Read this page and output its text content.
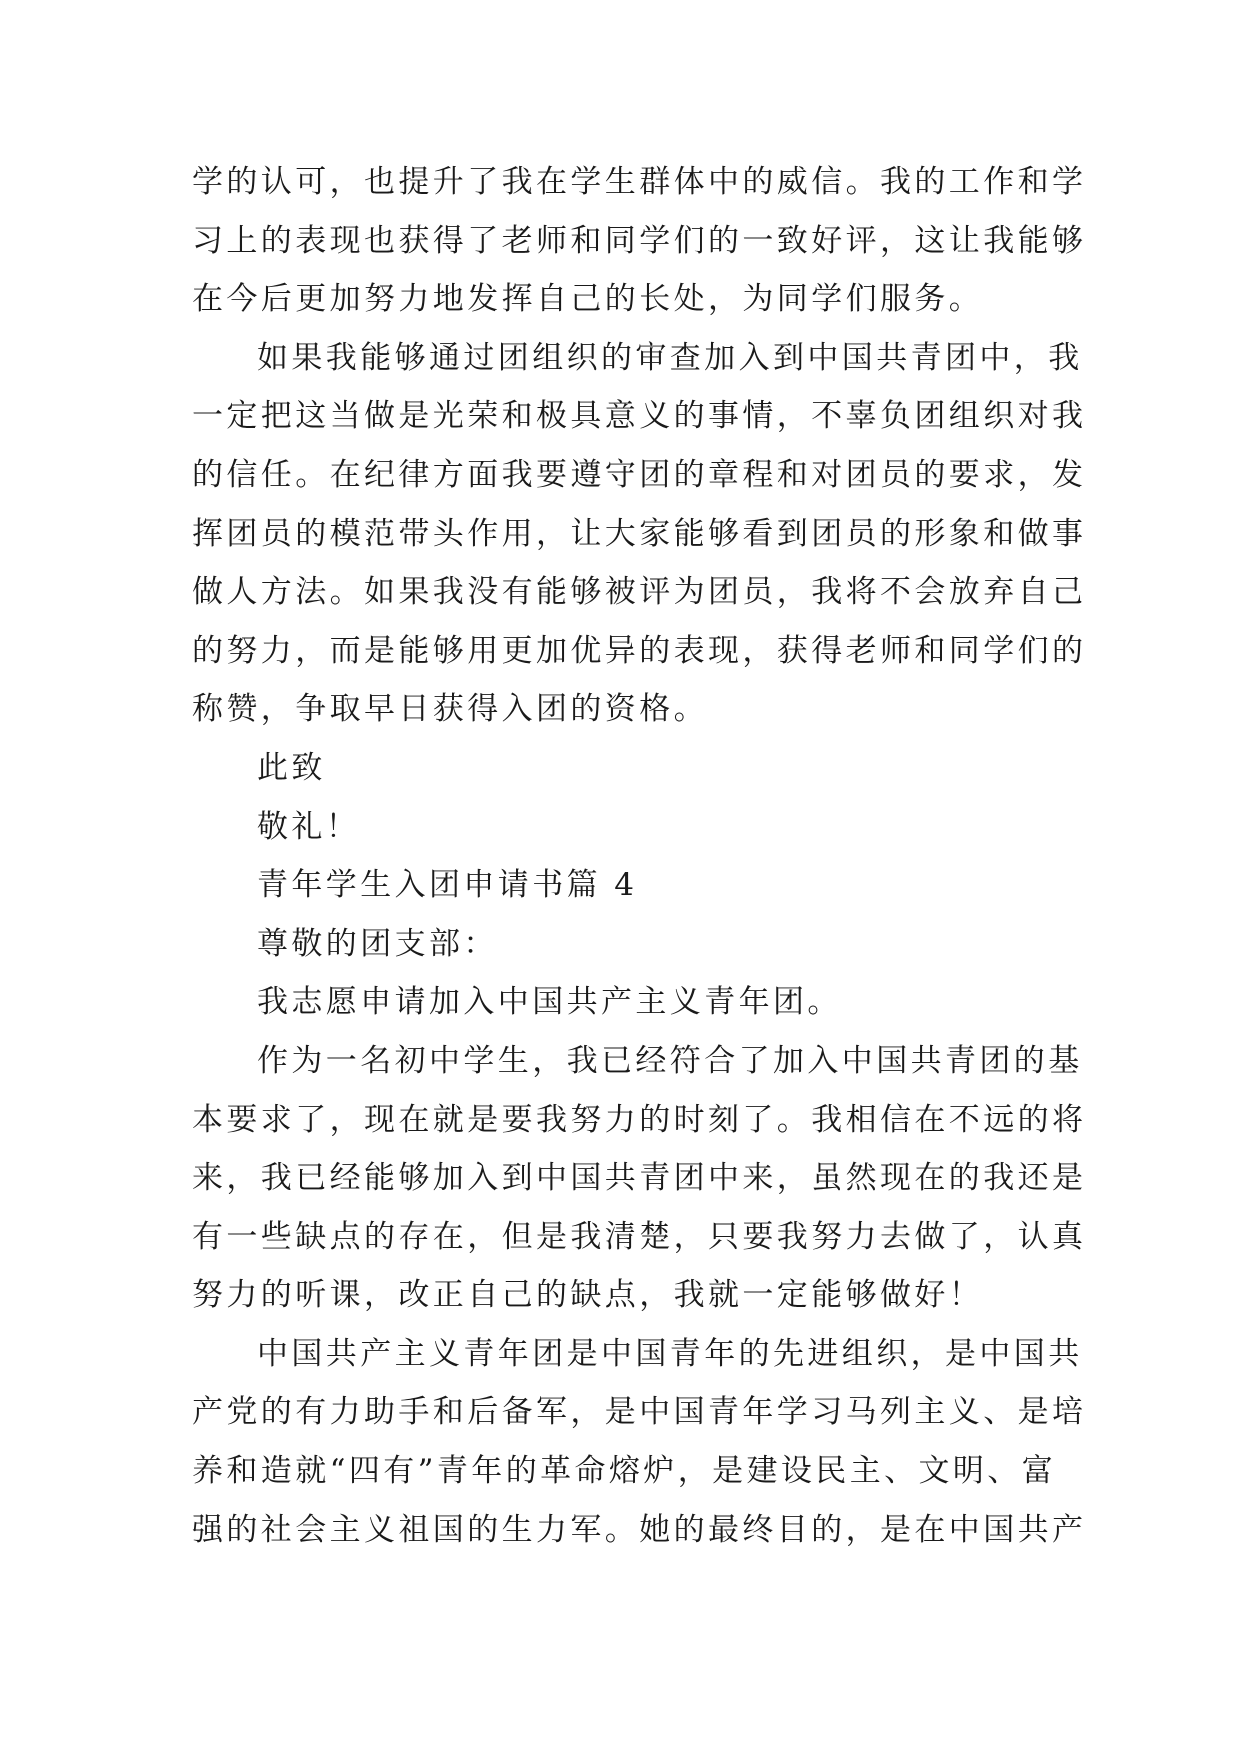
学的认可，也提升了我在学生群体中的威信。我的工作和学
习上的表现也获得了老师和同学们的一致好评，这让我能够
在今后更加努力地发挥自己的长处，为同学们服务。
如果我能够通过团组织的审查加入到中国共青团中，我
一定把这当做是光荣和极具意义的事情，不辜负团组织对我
的信任。在纪律方面我要遵守团的章程和对团员的要求，发
挥团员的模范带头作用，让大家能够看到团员的形象和做事
做人方法。如果我没有能够被评为团员，我将不会放弃自己
的努力，而是能够用更加优异的表现，获得老师和同学们的
称赞，争取早日获得入团的资格。
此致
敬礼！
青年学生入团申请书篇 4
尊敬的团支部：
我志愿申请加入中国共产主义青年团。
作为一名初中学生，我已经符合了加入中国共青团的基
本要求了，现在就是要我努力的时刻了。我相信在不远的将
来，我已经能够加入到中国共青团中来，虽然现在的我还是
有一些缺点的存在，但是我清楚，只要我努力去做了，认真
努力的听课，改正自己的缺点，我就一定能够做好！
中国共产主义青年团是中国青年的先进组织，是中国共
产党的有力助手和后备军，是中国青年学习马列主义、是培
养和造就“四有”青年的革命熔炉，是建设民主、文明、富
强的社会主义祖国的生力军。她的最终目的，是在中国共产
